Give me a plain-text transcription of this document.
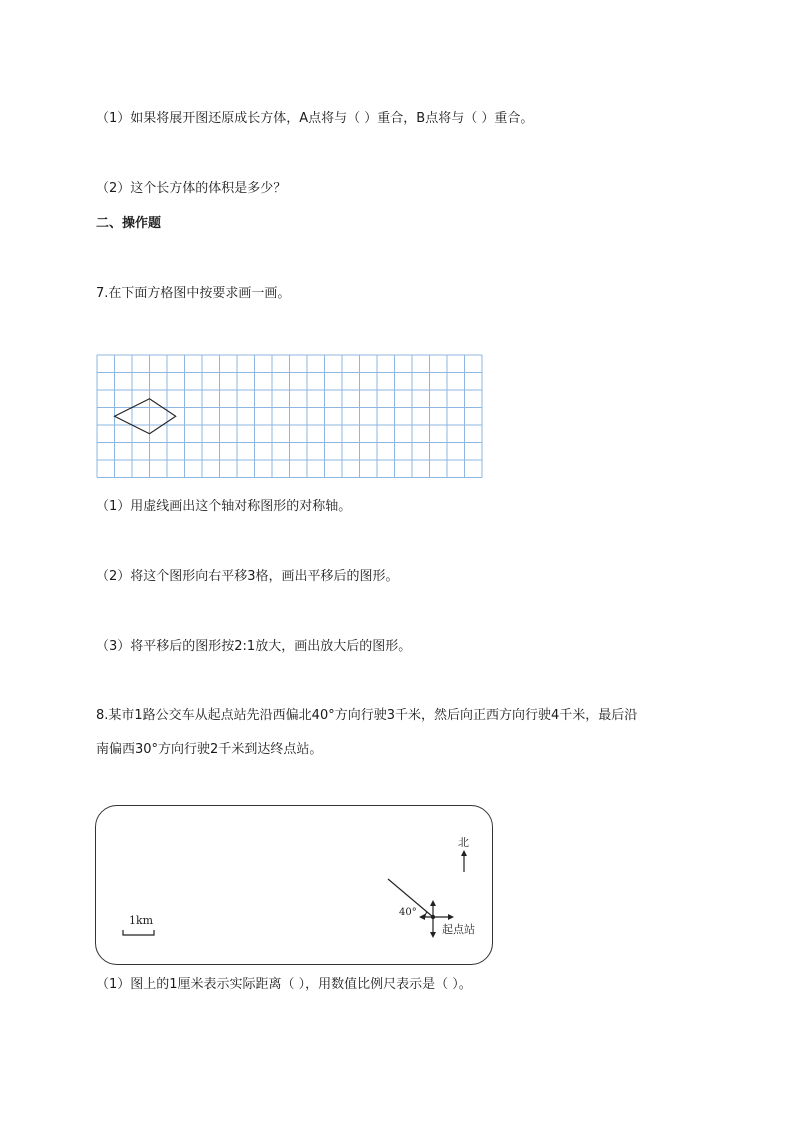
（1）如果将展开图还原成长方体，A点将与（ ）重合，B点将与（ ）重合。
（2）这个长方体的体积是多少？
二、操作题
7.在下面方格图中按要求画一画。
（1）用虚线画出这个轴对称图形的对称轴。
（2）将这个图形向右平移3格，画出平移后的图形。
（3）将平移后的图形按2:1放大，画出放大后的图形。
8.某市1路公交车从起点站先沿西偏北40°方向行驶3千米，然后向正西方向行驶4千米，最后沿
南偏西30°方向行驶2千米到达终点站。
1km
北
40°
起点站
（1）图上的1厘米表示实际距离（ ），用数值比例尺表示是（ ）。
